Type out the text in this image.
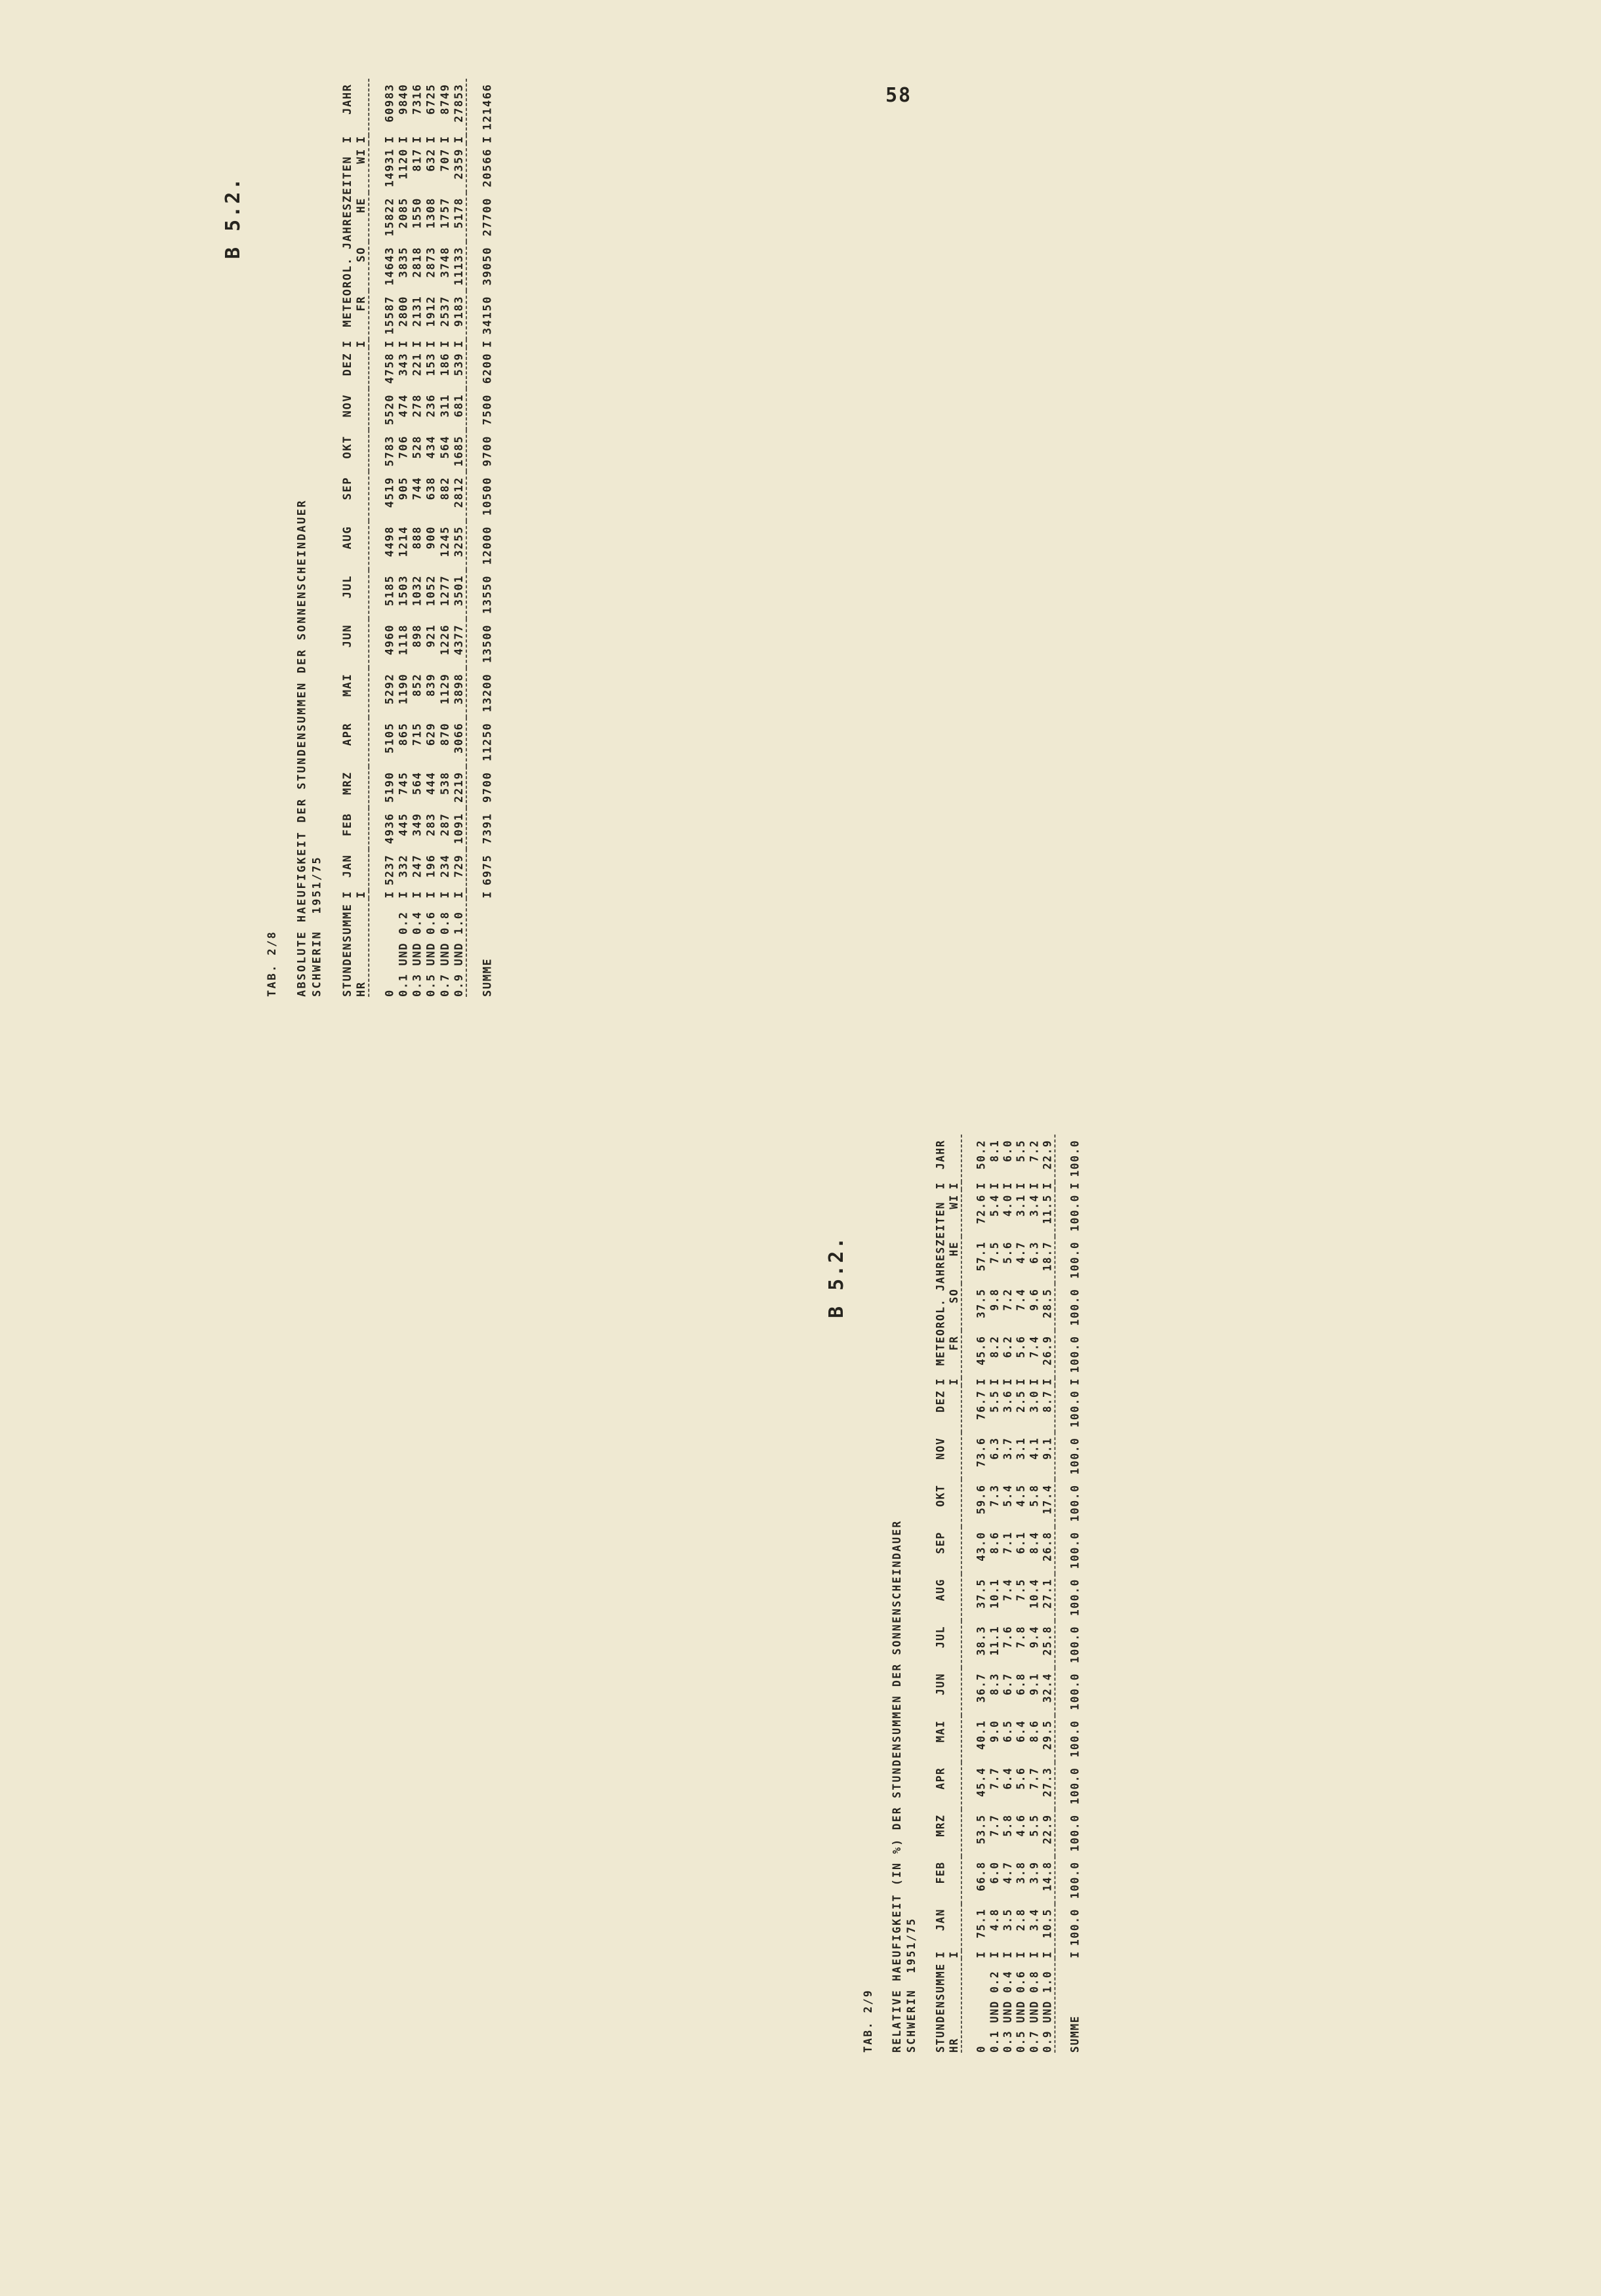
58
TAB. 2/8 ABSOLUTE HAEUFIGKEIT DER STUNDENSUMMEN DER SONNENSCHEINDAUER SCHWERIN  1951/75 STUNDENSUMME	I	JAN	FEB	MRZ	APR	MAI	JUN	JUL	AUG	SEP	OKT	NOV	DEZ	I	METEOROL. JAHRESZEITEN				I	JAHR
HR	I													I	FR	SO	HE	WI	I	

0	I	5237	4936	5190	5105	5292	4960	5185	4498	4519	5783	5520	4758	I	15587	14643	15822	14931	I	60983
0.1 UND 0.2	I	332	445	745	865	1190	1118	1503	1214	905	706	474	343	I	2800	3835	2085	1120	I	9840
0.3 UND 0.4	I	247	349	564	715	852	898	1032	888	744	528	278	221	I	2131	2818	1550	817	I	7316
0.5 UND 0.6	I	196	283	444	629	839	921	1052	900	638	434	236	153	I	1912	2873	1308	632	I	6725
0.7 UND 0.8	I	234	287	538	870	1129	1226	1277	1245	882	564	311	186	I	2537	3748	1757	707	I	8749
0.9 UND 1.0	I	729	1091	2219	3066	3898	4377	3501	3255	2812	1685	681	539	I	9183	11133	5178	2359	I	27853

SUMME	I	6975	7391	9700	11250	13200	13500	13550	12000	10500	9700	7500	6200	I	34150	39050	27700	20566	I	121466
TAB. 2/9 RELATIVE HAEUFIGKEIT (IN %) DER STUNDENSUMMEN DER SONNENSCHEINDAUER SCHWERIN  1951/75 STUNDENSUMME	I	JAN	FEB	MRZ	APR	MAI	JUN	JUL	AUG	SEP	OKT	NOV	DEZ	I	METEOROL. JAHRESZEITEN				I	JAHR
HR	I													I	FR	SO	HE	WI	I	

0	I	75.1	66.8	53.5	45.4	40.1	36.7	38.3	37.5	43.0	59.6	73.6	76.7	I	45.6	37.5	57.1	72.6	I	50.2
0.1 UND 0.2	I	4.8	6.0	7.7	7.7	9.0	8.3	11.1	10.1	8.6	7.3	6.3	5.5	I	8.2	9.8	7.5	5.4	I	8.1
0.3 UND 0.4	I	3.5	4.7	5.8	6.4	6.5	6.7	7.6	7.4	7.1	5.4	3.7	3.6	I	6.2	7.2	5.6	4.0	I	6.0
0.5 UND 0.6	I	2.8	3.8	4.6	5.6	6.4	6.8	7.8	7.5	6.1	4.5	3.1	2.5	I	5.6	7.4	4.7	3.1	I	5.5
0.7 UND 0.8	I	3.4	3.9	5.5	7.7	8.6	9.1	9.4	10.4	8.4	5.8	4.1	3.0	I	7.4	9.6	6.3	3.4	I	7.2
0.9 UND 1.0	I	10.5	14.8	22.9	27.3	29.5	32.4	25.8	27.1	26.8	17.4	9.1	8.7	I	26.9	28.5	18.7	11.5	I	22.9

SUMME	I	100.0	100.0	100.0	100.0	100.0	100.0	100.0	100.0	100.0	100.0	100.0	100.0	I	100.0	100.0	100.0	100.0	I	100.0
B 5.2.
B 5.2.
